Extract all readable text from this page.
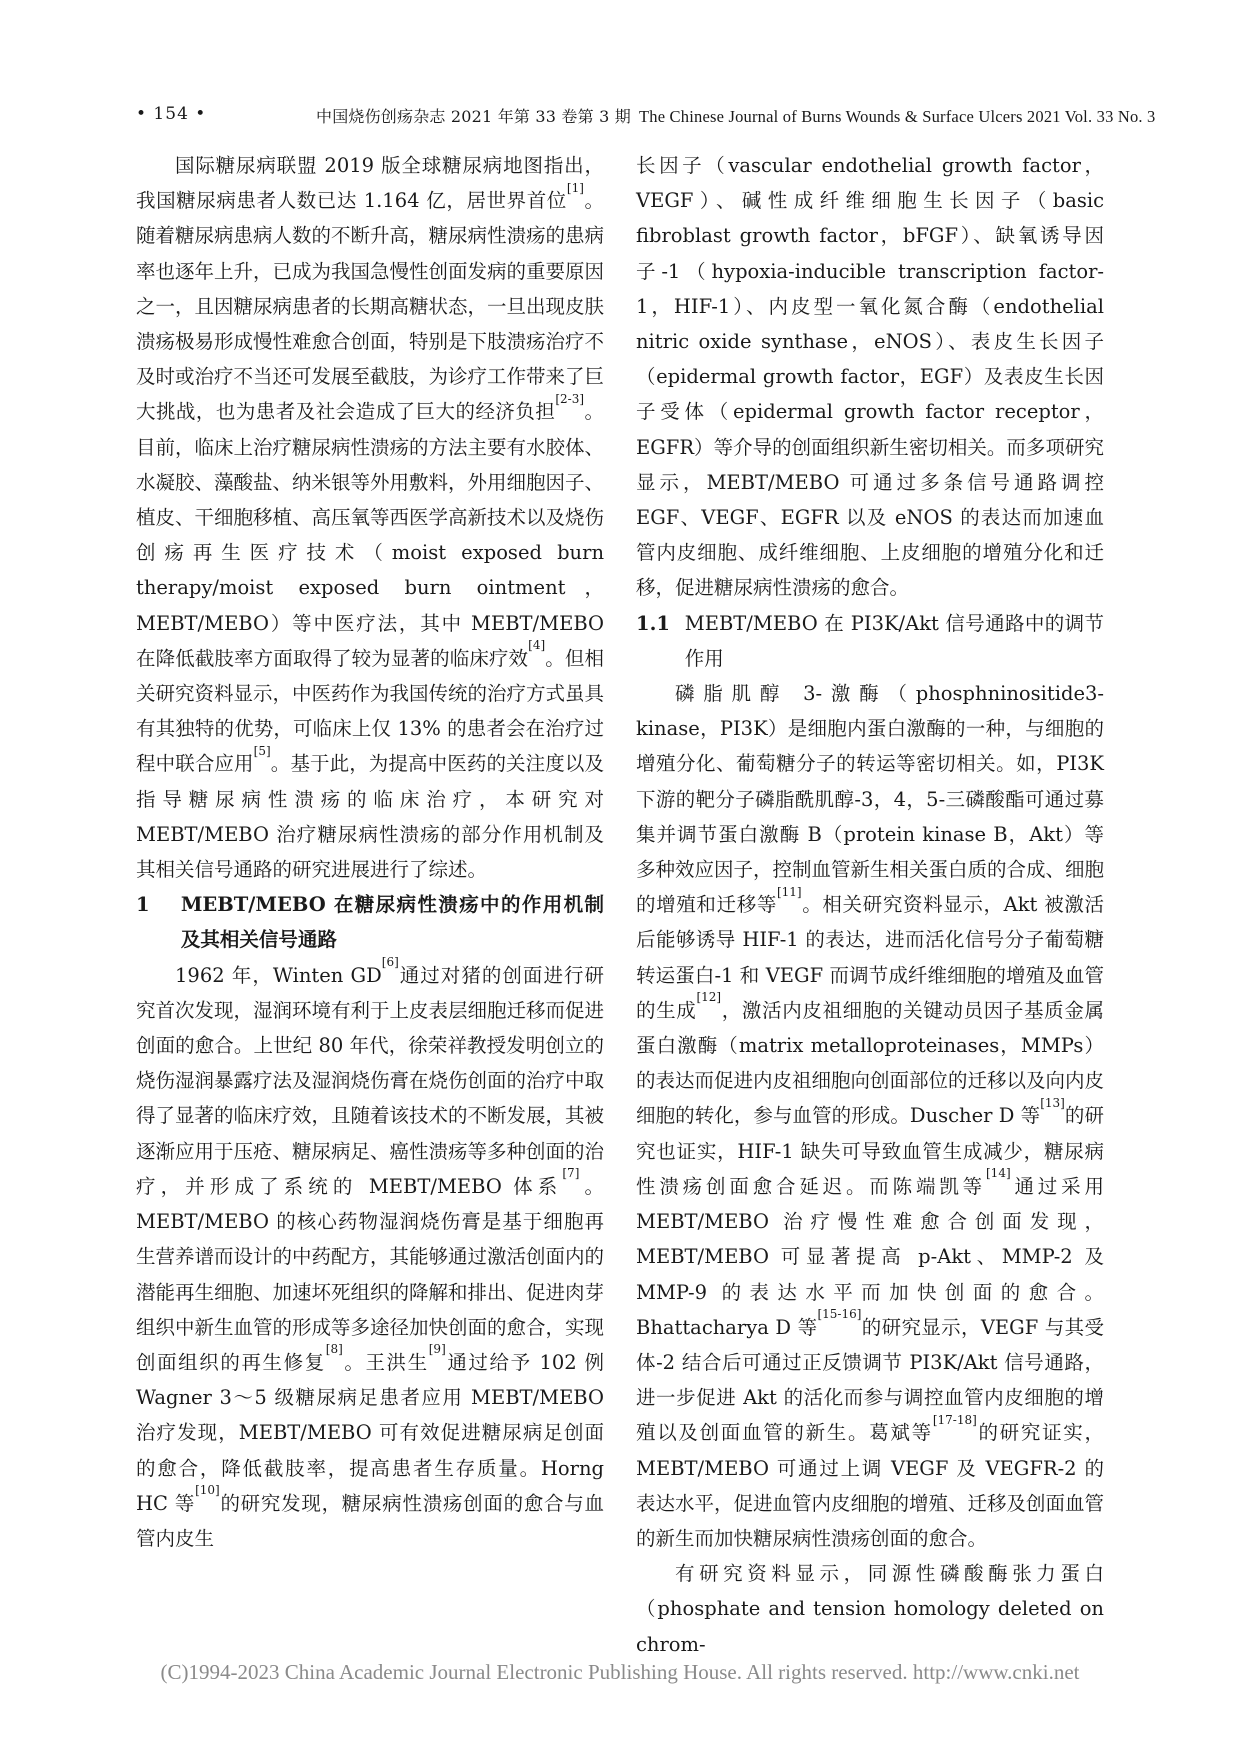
• 154 •	中国烧伤创疡杂志 2021 年第 33 卷第 3 期 The Chinese Journal of Burns Wounds & Surface Ulcers 2021 Vol. 33 No. 3

国际糖尿病联盟 2019 版全球糖尿病地图指出，我国糖尿病患者人数已达 1.164 亿，居世界首位[1]。随着糖尿病患病人数的不断升高，糖尿病性溃疡的患病率也逐年上升，已成为我国急慢性创面发病的重要原因之一，且因糖尿病患者的长期高糖状态，一旦出现皮肤溃疡极易形成慢性难愈合创面，特别是下肢溃疡治疗不及时或治疗不当还可发展至截肢，为诊疗工作带来了巨大挑战，也为患者及社会造成了巨大的经济负担[2-3]。目前，临床上治疗糖尿病性溃疡的方法主要有水胶体、水凝胶、藻酸盐、纳米银等外用敷料，外用细胞因子、植皮、干细胞移植、高压氧等西医学高新技术以及烧伤创疡再生医疗技术（moist exposed burn therapy/moist exposed burn ointment，MEBT/MEBO）等中医疗法，其中 MEBT/MEBO 在降低截肢率方面取得了较为显著的临床疗效[4]。但相关研究资料显示，中医药作为我国传统的治疗方式虽具有其独特的优势，可临床上仅 13% 的患者会在治疗过程中联合应用[5]。基于此，为提高中医药的关注度以及指导糖尿病性溃疡的临床治疗，本研究对 MEBT/MEBO 治疗糖尿病性溃疡的部分作用机制及其相关信号通路的研究进展进行了综述。

1 MEBT/MEBO 在糖尿病性溃疡中的作用机制及其相关信号通路

1962 年，Winten GD[6]通过对猪的创面进行研究首次发现，湿润环境有利于上皮表层细胞迁移而促进创面的愈合。上世纪 80 年代，徐荣祥教授发明创立的烧伤湿润暴露疗法及湿润烧伤膏在烧伤创面的治疗中取得了显著的临床疗效，且随着该技术的不断发展，其被逐渐应用于压疮、糖尿病足、癌性溃疡等多种创面的治疗，并形成了系统的 MEBT/MEBO 体系[7]。MEBT/MEBO 的核心药物湿润烧伤膏是基于细胞再生营养谱而设计的中药配方，其能够通过激活创面内的潜能再生细胞、加速坏死组织的降解和排出、促进肉芽组织中新生血管的形成等多途径加快创面的愈合，实现创面组织的再生修复[8]。王洪生[9]通过给予 102 例 Wagner 3～5 级糖尿病足患者应用 MEBT/MEBO 治疗发现，MEBT/MEBO 可有效促进糖尿病足创面的愈合，降低截肢率，提高患者生存质量。Horng HC 等[10]的研究发现，糖尿病性溃疡创面的愈合与血管内皮生

长因子（vascular endothelial growth factor，VEGF）、碱性成纤维细胞生长因子（basic fibroblast growth factor，bFGF）、缺氧诱导因子-1（hypoxia-inducible transcription factor-1，HIF-1）、内皮型一氧化氮合酶（endothelial nitric oxide synthase，eNOS）、表皮生长因子（epidermal growth factor，EGF）及表皮生长因子受体（epidermal growth factor receptor，EGFR）等介导的创面组织新生密切相关。而多项研究显示，MEBT/MEBO 可通过多条信号通路调控 EGF、VEGF、EGFR 以及 eNOS 的表达而加速血管内皮细胞、成纤维细胞、上皮细胞的增殖分化和迁移，促进糖尿病性溃疡的愈合。

1.1 MEBT/MEBO 在 PI3K/Akt 信号通路中的调节作用

磷脂肌醇 3-激酶（phosphninositide3-kinase，PI3K）是细胞内蛋白激酶的一种，与细胞的增殖分化、葡萄糖分子的转运等密切相关。如，PI3K 下游的靶分子磷脂酰肌醇-3，4，5-三磷酸酯可通过募集并调节蛋白激酶 B（protein kinase B，Akt）等多种效应因子，控制血管新生相关蛋白质的合成、细胞的增殖和迁移等[11]。相关研究资料显示，Akt 被激活后能够诱导 HIF-1 的表达，进而活化信号分子葡萄糖转运蛋白-1 和 VEGF 而调节成纤维细胞的增殖及血管的生成[12]，激活内皮祖细胞的关键动员因子基质金属蛋白激酶（matrix metalloproteinases，MMPs）的表达而促进内皮祖细胞向创面部位的迁移以及向内皮细胞的转化，参与血管的形成。Duscher D 等[13]的研究也证实，HIF-1 缺失可导致血管生成减少，糖尿病性溃疡创面愈合延迟。而陈端凯等[14]通过采用 MEBT/MEBO 治疗慢性难愈合创面发现，MEBT/MEBO 可显著提高 p-Akt、MMP-2 及 MMP-9 的表达水平而加快创面的愈合。Bhattacharya D 等[15-16]的研究显示，VEGF 与其受体-2 结合后可通过正反馈调节 PI3K/Akt 信号通路，进一步促进 Akt 的活化而参与调控血管内皮细胞的增殖以及创面血管的新生。葛斌等[17-18]的研究证实，MEBT/MEBO 可通过上调 VEGF 及 VEGFR-2 的表达水平，促进血管内皮细胞的增殖、迁移及创面血管的新生而加快糖尿病性溃疡创面的愈合。

有研究资料显示，同源性磷酸酶张力蛋白（phosphate and tension homology deleted on chrom-

(C)1994-2023 China Academic Journal Electronic Publishing House. All rights reserved. http://www.cnki.net
